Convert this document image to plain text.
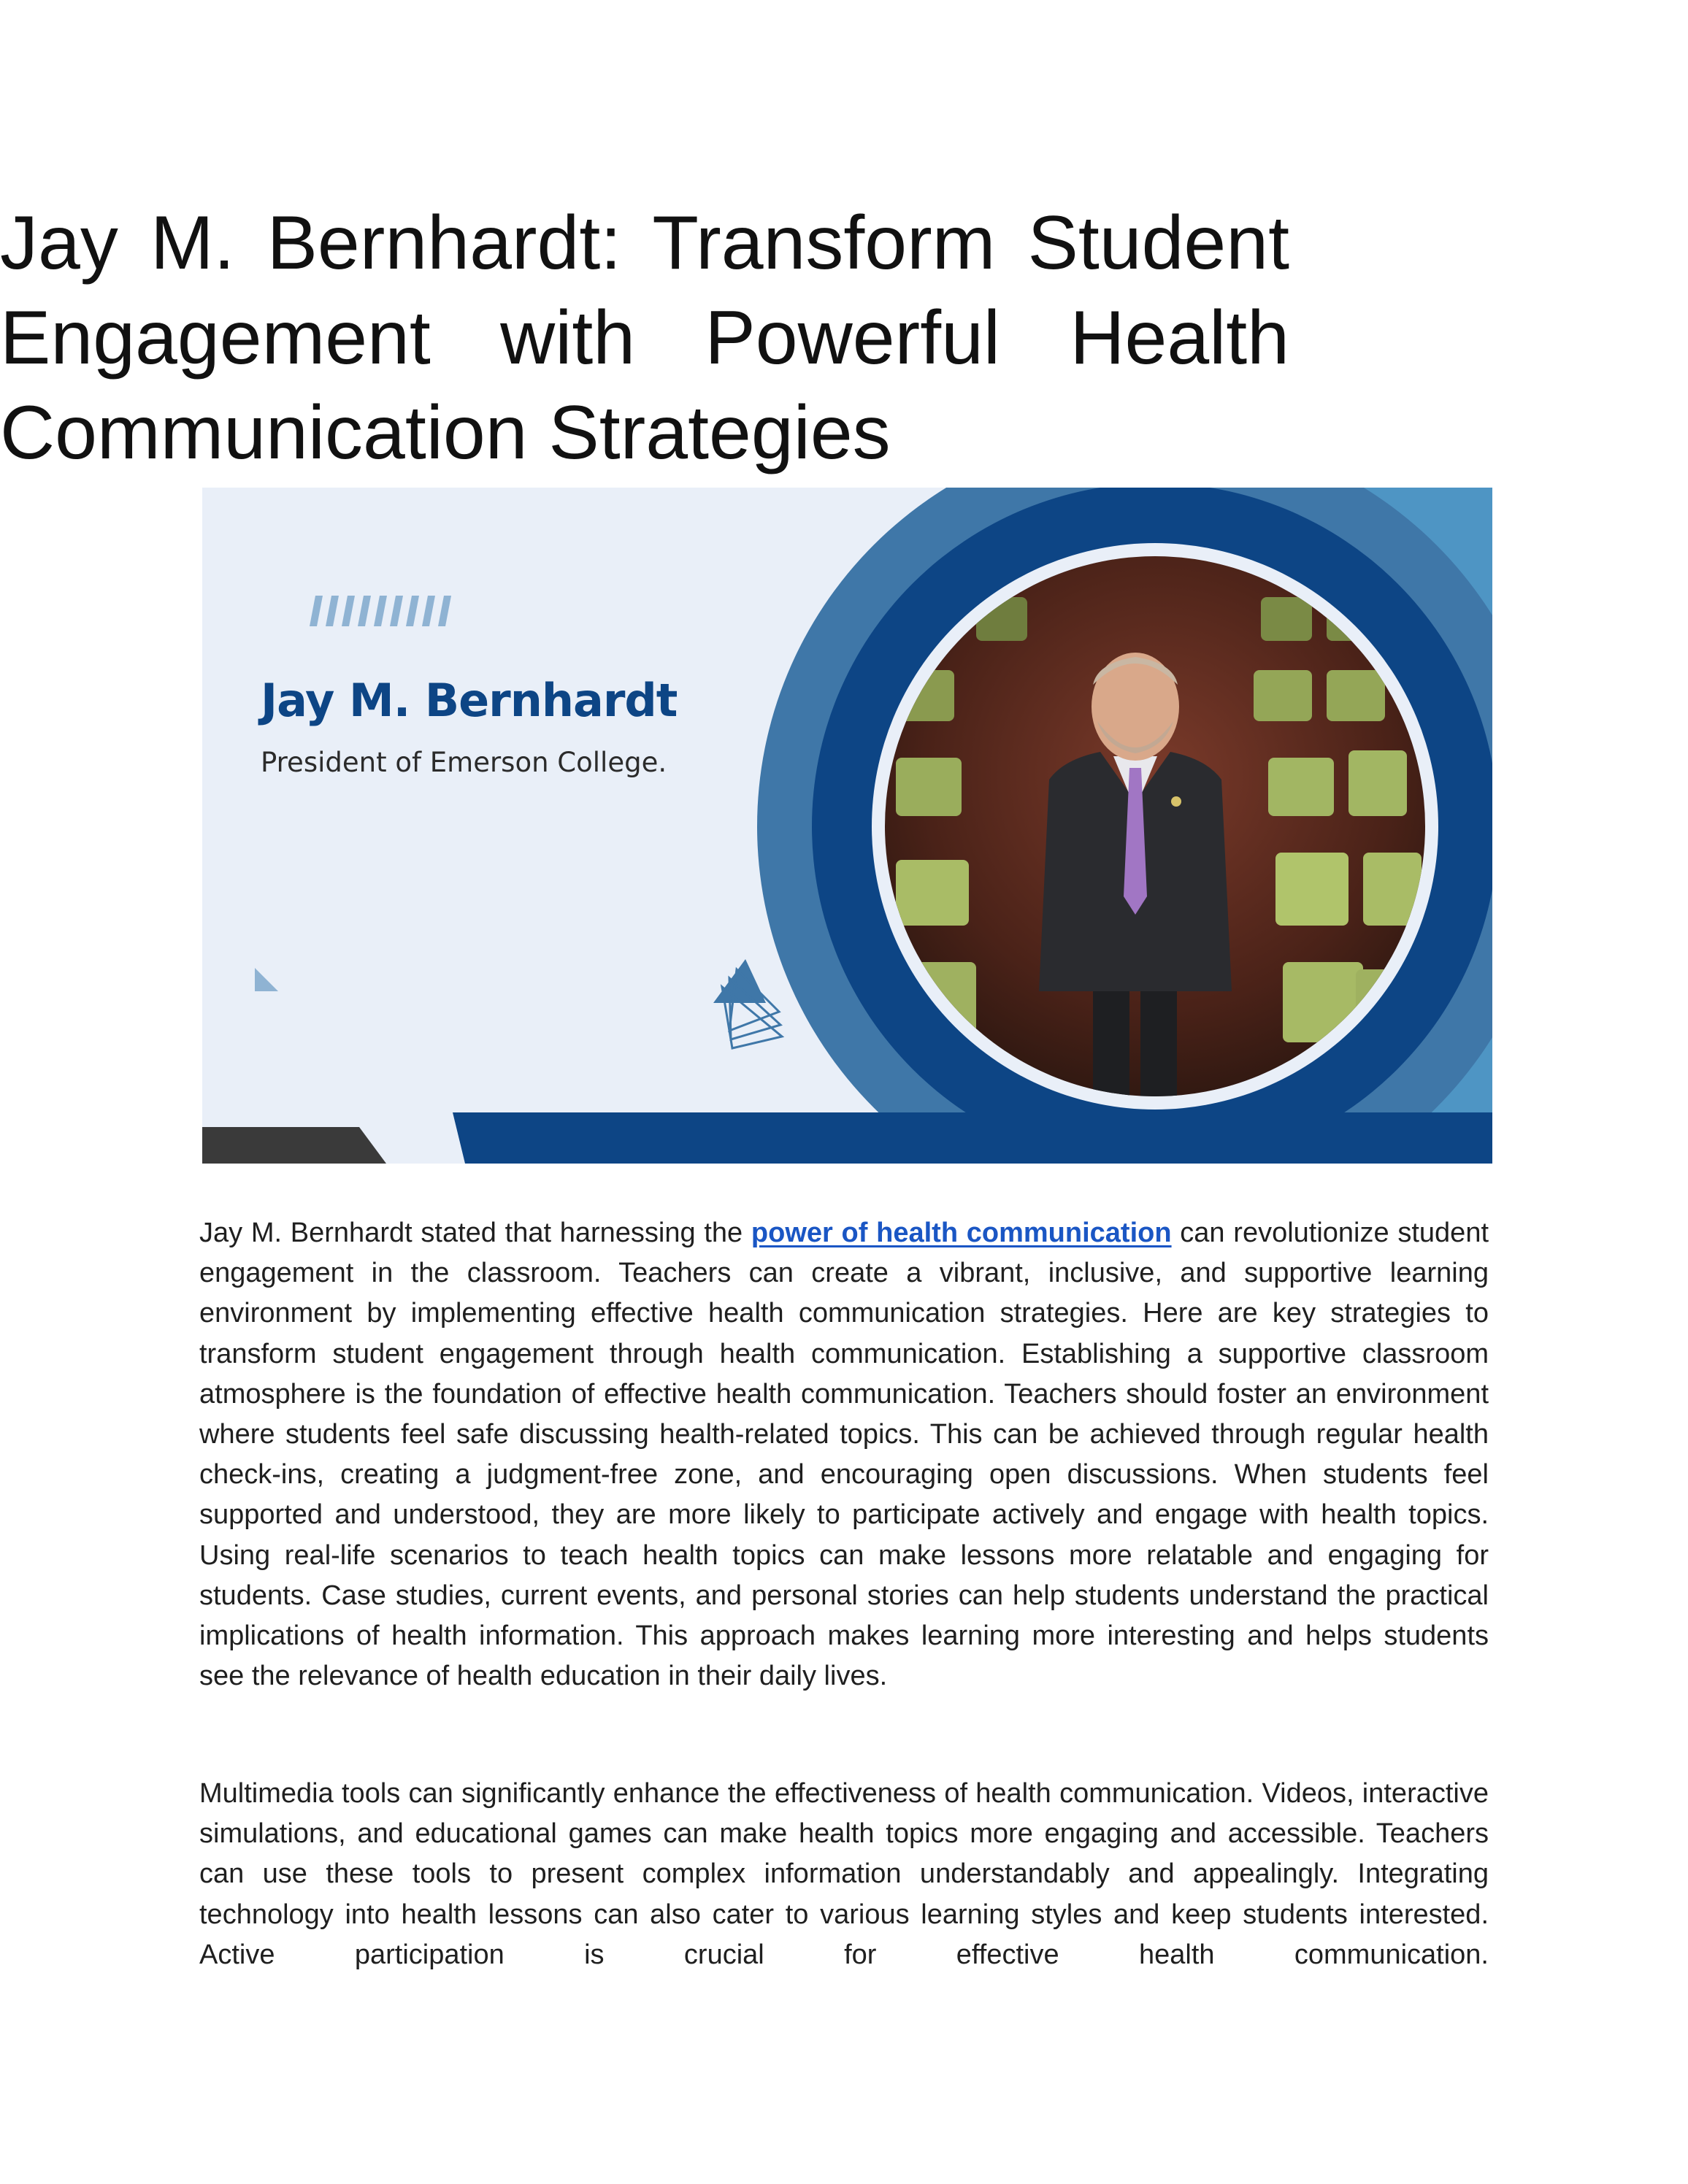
Jay M. Bernhardt: Transform Student Engagement with Powerful Health Communication Strategies
Jay M. Bernhardt

President of Emerson College.

Jay M. Bernhardt stated that harnessing the power of health communication can revolutionize student engagement in the classroom. Teachers can create a vibrant, inclusive, and supportive learning environment by implementing effective health communication strategies. Here are key strategies to transform student engagement through health communication. Establishing a supportive classroom atmosphere is the foundation of effective health communication. Teachers should foster an environment where students feel safe discussing health-related topics. This can be achieved through regular health check-ins, creating a judgment-free zone, and encouraging open discussions. When students feel supported and understood, they are more likely to participate actively and engage with health topics. Using real-life scenarios to teach health topics can make lessons more relatable and engaging for students. Case studies, current events, and personal stories can help students understand the practical implications of health information. This approach makes learning more interesting and helps students see the relevance of health education in their daily lives.

Multimedia tools can significantly enhance the effectiveness of health communication. Videos, interactive simulations, and educational games can make health topics more engaging and accessible. Teachers can use these tools to present complex information understandably and appealingly. Integrating technology into health lessons can also cater to various learning styles and keep students interested. Active participation is crucial for effective health communication.
